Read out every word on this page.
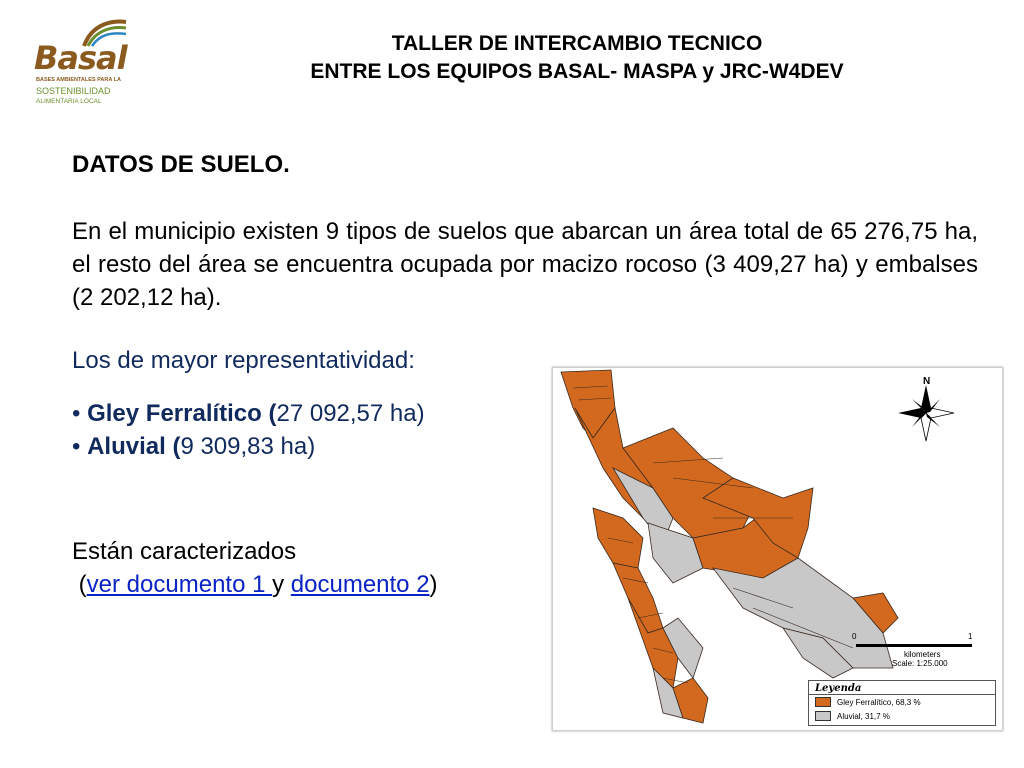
Basal
BASES AMBIENTALES PARA LA
SOSTENIBILIDAD
ALIMENTARIA LOCAL
TALLER DE INTERCAMBIO TECNICO
ENTRE LOS EQUIPOS BASAL- MASPA y JRC-W4DEV

DATOS DE SUELO.

En el municipio existen 9 tipos de suelos que abarcan un área total de 65 276,75 ha, el resto del área se encuentra ocupada por macizo rocoso (3 409,27 ha) y embalses (2 202,12 ha).

Los de mayor representatividad:

• Gley Ferralítico (27 092,57 ha)
• Aluvial (9 309,83 ha)

Están caracterizados

(ver documento 1 y documento 2)

N
0	1
kilometers
Scale: 1:25.000
Leyenda
Gley Ferralítico, 68,3 %
Aluvial, 31,7 %
